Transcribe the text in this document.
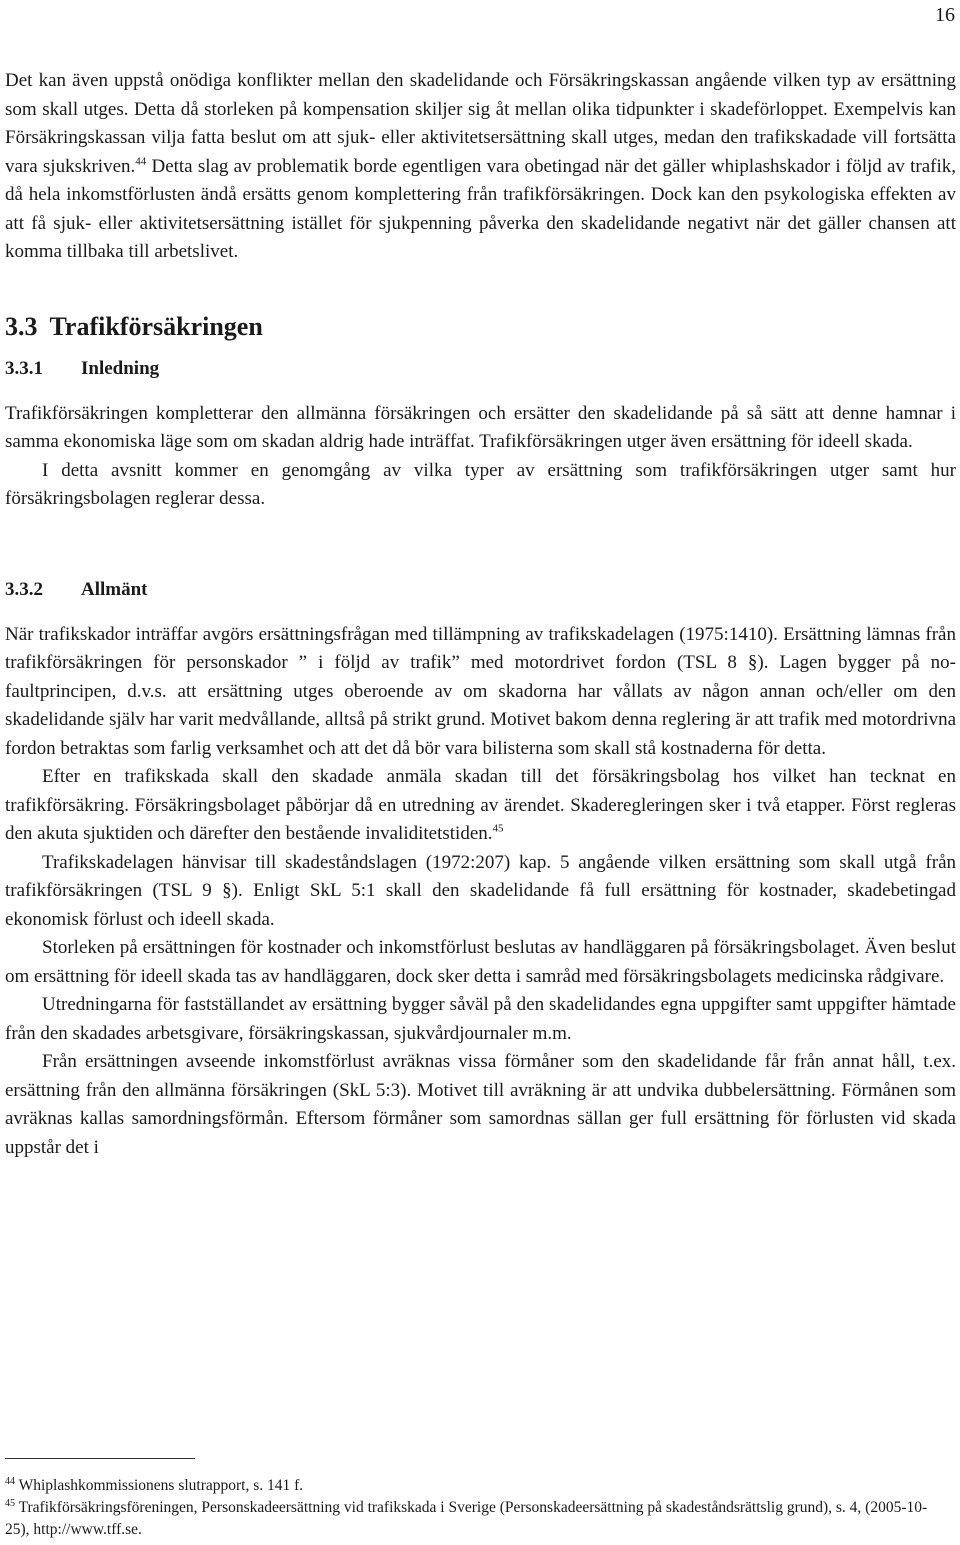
16

Det kan även uppstå onödiga konflikter mellan den skadelidande och Försäkringskassan angående vilken typ av ersättning som skall utges. Detta då storleken på kompensation skiljer sig åt mellan olika tidpunkter i skadeförloppet. Exempelvis kan Försäkringskassan vilja fatta beslut om att sjuk- eller aktivitetsersättning skall utges, medan den trafikskadade vill fortsätta vara sjukskriven.$^{44}$ Detta slag av problematik borde egentligen vara obetingad när det gäller whiplashskador i följd av trafik, då hela inkomstförlusten ändå ersätts genom komplettering från trafikförsäkringen. Dock kan den psykologiska effekten av att få sjuk- eller aktivitetsersättning istället för sjukpenning påverka den skadelidande negativt när det gäller chansen att komma tillbaka till arbetslivet.

3.3 Trafikförsäkringen
3.3.1 Inledning

Trafikförsäkringen kompletterar den allmänna försäkringen och ersätter den skadelidande på så sätt att denne hamnar i samma ekonomiska läge som om skadan aldrig hade inträffat. Trafikförsäkringen utger även ersättning för ideell skada.

I detta avsnitt kommer en genomgång av vilka typer av ersättning som trafikförsäkringen utger samt hur försäkringsbolagen reglerar dessa.

3.3.2 Allmänt

När trafikskador inträffar avgörs ersättningsfrågan med tillämpning av trafikskadelagen (1975:1410). Ersättning lämnas från trafikförsäkringen för personskador ” i följd av trafik” med motordrivet fordon (TSL 8 §). Lagen bygger på no-faultprincipen, d.v.s. att ersättning utges oberoende av om skadorna har vållats av någon annan och/eller om den skadelidande själv har varit medvållande, alltså på strikt grund. Motivet bakom denna reglering är att trafik med motordrivna fordon betraktas som farlig verksamhet och att det då bör vara bilisterna som skall stå kostnaderna för detta.

Efter en trafikskada skall den skadade anmäla skadan till det försäkringsbolag hos vilket han tecknat en trafikförsäkring. Försäkringsbolaget påbörjar då en utredning av ärendet. Skaderegleringen sker i två etapper. Först regleras den akuta sjuktiden och därefter den bestående invaliditetstiden.$^{45}$

Trafikskadelagen hänvisar till skadeståndslagen (1972:207) kap. 5 angående vilken ersättning som skall utgå från trafikförsäkringen (TSL 9 §). Enligt SkL 5:1 skall den skadelidande få full ersättning för kostnader, skadebetingad ekonomisk förlust och ideell skada.

Storleken på ersättningen för kostnader och inkomstförlust beslutas av handläggaren på försäkringsbolaget. Även beslut om ersättning för ideell skada tas av handläggaren, dock sker detta i samråd med försäkringsbolagets medicinska rådgivare.

Utredningarna för fastställandet av ersättning bygger såväl på den skadelidandes egna uppgifter samt uppgifter hämtade från den skadades arbetsgivare, försäkringskassan, sjukvårdjournaler m.m.

Från ersättningen avseende inkomstförlust avräknas vissa förmåner som den skadelidande får från annat håll, t.ex. ersättning från den allmänna försäkringen (SkL 5:3). Motivet till avräkning är att undvika dubbelersättning. Förmånen som avräknas kallas samordningsförmån. Eftersom förmåner som samordnas sällan ger full ersättning för förlusten vid skada uppstår det i

$^{44}$ Whiplashkommissionens slutrapport, s. 141 f.
$^{45}$ Trafikförsäkringsföreningen, Personskadeersättning vid trafikskada i Sverige (Personskadeersättning på skadeståndsrättslig grund), s. 4, (2005-10-25), http://www.tff.se.
